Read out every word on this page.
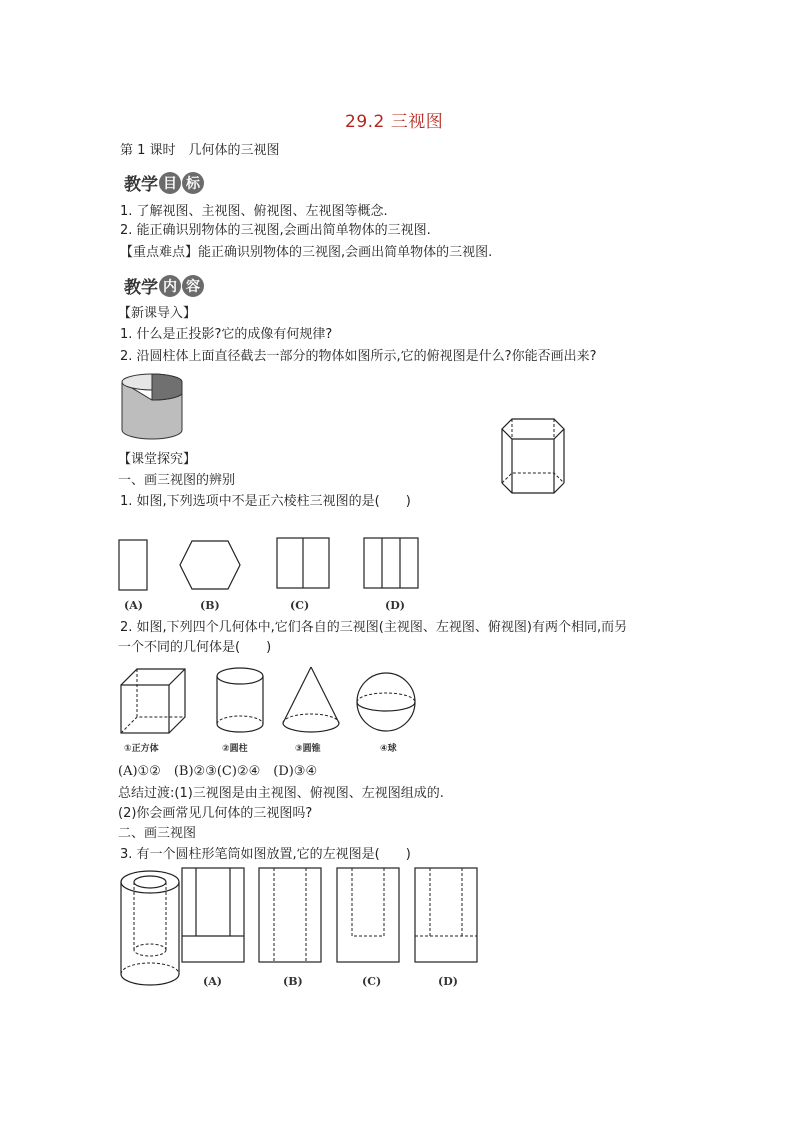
29.2 三视图
第 1 课时　几何体的三视图
教学 目 标
1. 了解视图、主视图、俯视图、左视图等概念.
2. 能正确识别物体的三视图,会画出简单物体的三视图.
【重点难点】能正确识别物体的三视图,会画出简单物体的三视图.
教学 内 容
【新课导入】
1. 什么是正投影?它的成像有何规律?
2. 沿圆柱体上面直径截去一部分的物体如图所示,它的俯视图是什么?你能否画出来?
【课堂探究】
一、画三视图的辨别
1. 如图,下列选项中不是正六棱柱三视图的是(　　)
(A)	(B)	(C)	(D)
2. 如图,下列四个几何体中,它们各自的三视图(主视图、左视图、俯视图)有两个相同,而另
一个不同的几何体是(　　)
①正方体	②圆柱	③圆锥	④球
(A)①②　(B)②③(C)②④　(D)③④
总结过渡:(1)三视图是由主视图、俯视图、左视图组成的.
(2)你会画常见几何体的三视图吗?
二、画三视图
3. 有一个圆柱形笔筒如图放置,它的左视图是(　　)
(A)	(B)	(C)	(D)
